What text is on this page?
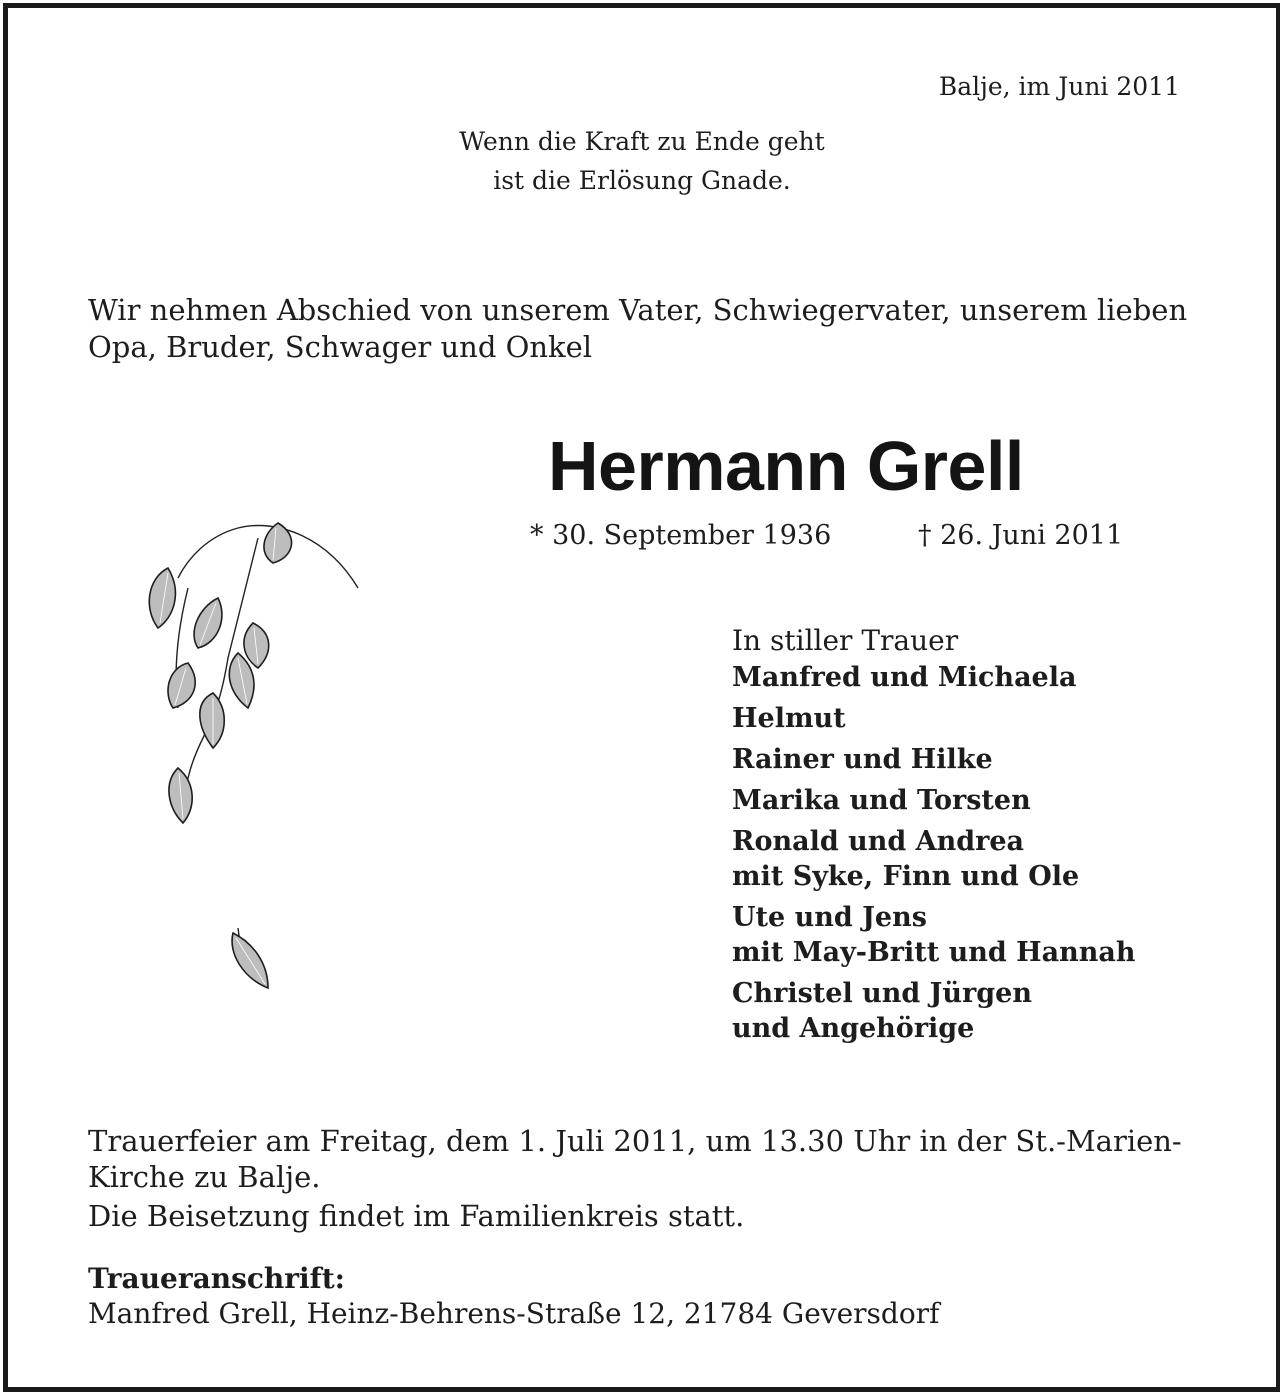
Balje, im Juni 2011

Wenn die Kraft zu Ende geht
ist die Erlösung Gnade.
Wir nehmen Abschied von unserem Vater, Schwiegervater, unserem lieben
Opa, Bruder, Schwager und Onkel
Hermann Grell

* 30. September 1936	† 26. Juni 2011

In stiller Trauer

Manfred und Michaela
Helmut
Rainer und Hilke
Marika und Torsten
Ronald und Andrea
mit Syke, Finn und Ole
Ute und Jens
mit May-Britt und Hannah
Christel und Jürgen
und Angehörige
Trauerfeier am Freitag, dem 1. Juli 2011, um 13.30 Uhr in der St.-Marien-
Kirche zu Balje.

Die Beisetzung findet im Familienkreis statt.

Traueranschrift:

Manfred Grell, Heinz-Behrens-Straße 12, 21784 Geversdorf
